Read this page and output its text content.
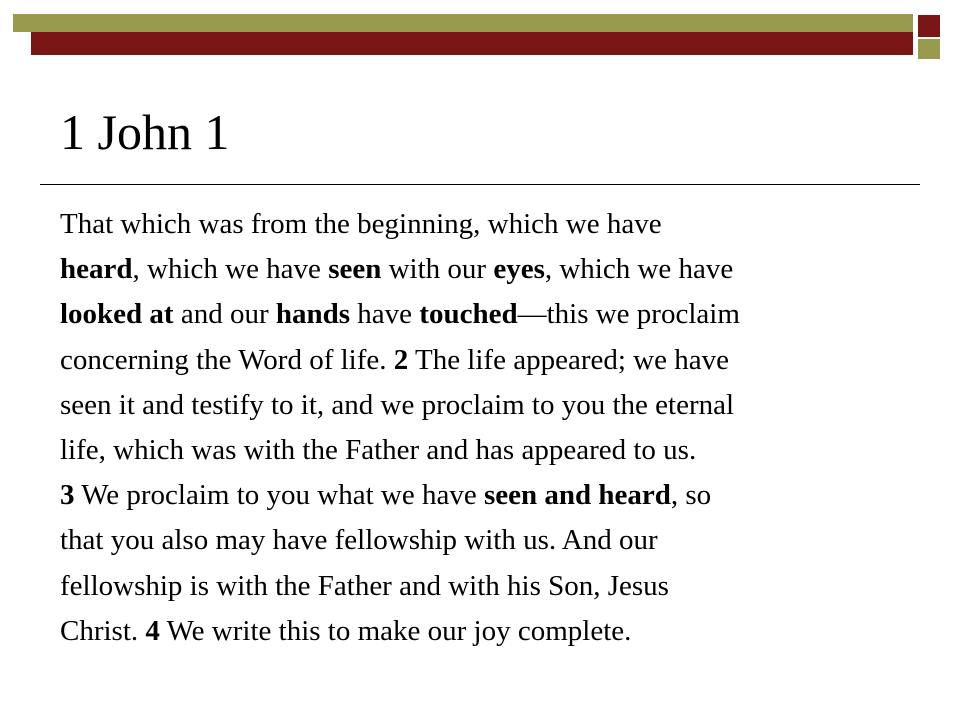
1 John 1
That which was from the beginning, which we have
heard, which we have seen with our eyes, which we have
looked at and our hands have touched—this we proclaim
concerning the Word of life. 2 The life appeared; we have
seen it and testify to it, and we proclaim to you the eternal
life, which was with the Father and has appeared to us.
3 We proclaim to you what we have seen and heard, so
that you also may have fellowship with us. And our
fellowship is with the Father and with his Son, Jesus
Christ. 4 We write this to make our joy complete.
